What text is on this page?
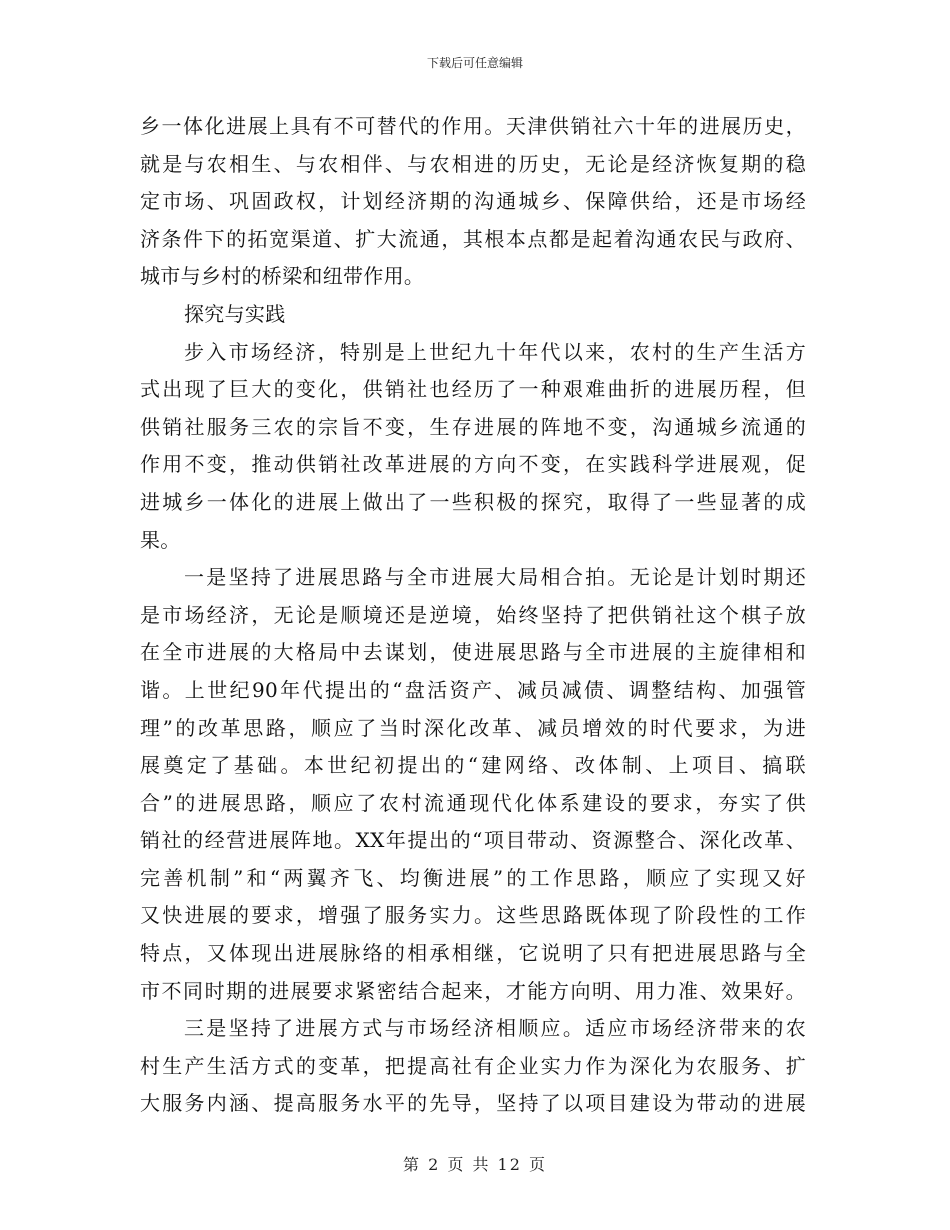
下载后可任意编辑
乡一体化进展上具有不可替代的作用。天津供销社六十年的进展历史，
就是与农相生、与农相伴、与农相进的历史，无论是经济恢复期的稳
定市场、巩固政权，计划经济期的沟通城乡、保障供给，还是市场经
济条件下的拓宽渠道、扩大流通，其根本点都是起着沟通农民与政府、
城市与乡村的桥梁和纽带作用。
探究与实践
步入市场经济，特别是上世纪九十年代以来，农村的生产生活方
式出现了巨大的变化，供销社也经历了一种艰难曲折的进展历程，但
供销社服务三农的宗旨不变，生存进展的阵地不变，沟通城乡流通的
作用不变，推动供销社改革进展的方向不变，在实践科学进展观，促
进城乡一体化的进展上做出了一些积极的探究，取得了一些显著的成
果。
一是坚持了进展思路与全市进展大局相合拍。无论是计划时期还
是市场经济，无论是顺境还是逆境，始终坚持了把供销社这个棋子放
在全市进展的大格局中去谋划，使进展思路与全市进展的主旋律相和
谐。上世纪90年代提出的“盘活资产、减员减债、调整结构、加强管
理”的改革思路，顺应了当时深化改革、减员增效的时代要求，为进
展奠定了基础。本世纪初提出的“建网络、改体制、上项目、搞联
合”的进展思路，顺应了农村流通现代化体系建设的要求，夯实了供
销社的经营进展阵地。XX年提出的“项目带动、资源整合、深化改革、
完善机制”和“两翼齐飞、均衡进展”的工作思路，顺应了实现又好
又快进展的要求，增强了服务实力。这些思路既体现了阶段性的工作
特点，又体现出进展脉络的相承相继，它说明了只有把进展思路与全
市不同时期的进展要求紧密结合起来，才能方向明、用力准、效果好。
三是坚持了进展方式与市场经济相顺应。适应市场经济带来的农
村生产生活方式的变革，把提高社有企业实力作为深化为农服务、扩
大服务内涵、提高服务水平的先导，坚持了以项目建设为带动的进展
第 2 页 共 12 页
